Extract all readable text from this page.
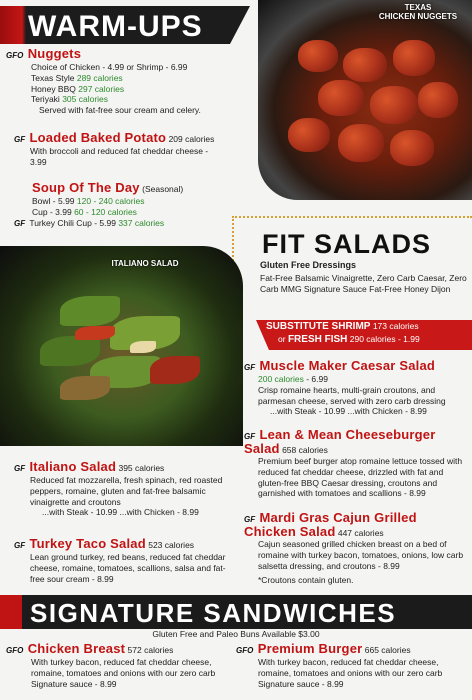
WARM-UPS
TEXAS
CHICKEN NUGGETS
GFO Nuggets
Choice of Chicken - 4.99 or Shrimp - 6.99
Texas Style 289 calories
Honey BBQ 297 calories
Teriyaki 305 calories
Served with fat-free sour cream and celery.
GF Loaded Baked Potato 209 calories
With broccoli and reduced fat cheddar cheese - 3.99
Soup Of The Day (Seasonal)
Bowl - 5.99 120 - 240 calories
Cup - 3.99 60 - 120 calories
GF Turkey Chili Cup - 5.99 337 calories
FIT SALADS
Gluten Free Dressings
Fat-Free Balsamic Vinaigrette, Zero Carb Caesar, Zero Carb MMG Signature Sauce Fat-Free Honey Dijon
ITALIANO SALAD
SUBSTITUTE SHRIMP 173 calories
or FRESH FISH 290 calories - 1.99
GF Muscle Maker Caesar Salad
200 calories - 6.99
Crisp romaine hearts, multi-grain croutons, and parmesan cheese, served with zero carb dressing
...with Steak - 10.99 ...with Chicken - 8.99
GF Lean & Mean Cheeseburger Salad 658 calories
Premium beef burger atop romaine lettuce tossed with reduced fat cheddar cheese, drizzled with fat and gluten-free BBQ Caesar dressing, croutons and garnished with tomatoes and scallions - 8.99
GF Mardi Gras Cajun Grilled Chicken Salad 447 calories
Cajun seasoned grilled chicken breast on a bed of romaine with turkey bacon, tomatoes, onions, low carb salsetta dressing, and croutons - 8.99
*Croutons contain gluten.
GF Italiano Salad 395 calories
Reduced fat mozzarella, fresh spinach, red roasted peppers, romaine, gluten and fat-free balsamic vinaigrette and croutons
...with Steak - 10.99 ...with Chicken - 8.99
GF Turkey Taco Salad 523 calories
Lean ground turkey, red beans, reduced fat cheddar cheese, romaine, tomatoes, scallions, salsa and fat-free sour cream - 8.99
SIGNATURE SANDWICHES
Gluten Free and Paleo Buns Available $3.00
GFO Chicken Breast 572 calories
With turkey bacon, reduced fat cheddar cheese, romaine, tomatoes and onions with our zero carb Signature sauce - 8.99
GFO Premium Burger 665 calories
With turkey bacon, reduced fat cheddar cheese, romaine, tomatoes and onions with our zero carb Signature sauce - 8.99
